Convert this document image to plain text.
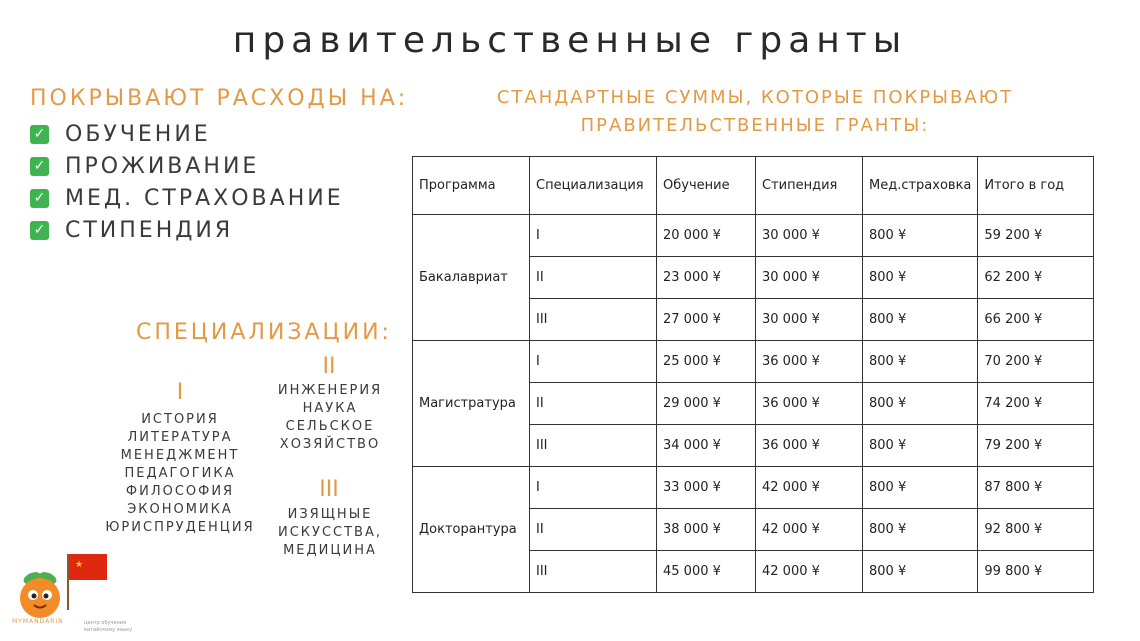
правительственные гранты
ПОКРЫВАЮТ РАСХОДЫ НА:
✓ ОБУЧЕНИЕ
✓ ПРОЖИВАНИЕ
✓ МЕД. СТРАХОВАНИЕ
✓ СТИПЕНДИЯ
СПЕЦИАЛИЗАЦИИ:
I
ИСТОРИЯ
ЛИТЕРАТУРА
МЕНЕДЖМЕНТ
ПЕДАГОГИКА
ФИЛОСОФИЯ
ЭКОНОМИКА
ЮРИСПРУДЕНЦИЯ
II
ИНЖЕНЕРИЯ
НАУКА
СЕЛЬСКОЕ
ХОЗЯЙСТВО
III
ИЗЯЩНЫЕ
ИСКУССТВА,
МЕДИЦИНА
СТАНДАРТНЫЕ СУММЫ, КОТОРЫЕ ПОКРЫВАЮТ
ПРАВИТЕЛЬСТВЕННЫЕ ГРАНТЫ:
Программа	Специализация	Обучение	Стипендия	Мед.страховка	Итого в год
Бакалавриат	I	20 000 ¥	30 000 ¥	800 ¥	59 200 ¥
	II	23 000 ¥	30 000 ¥	800 ¥	62 200 ¥
	III	27 000 ¥	30 000 ¥	800 ¥	66 200 ¥
Магистратура	I	25 000 ¥	36 000 ¥	800 ¥	70 200 ¥
	II	29 000 ¥	36 000 ¥	800 ¥	74 200 ¥
	III	34 000 ¥	36 000 ¥	800 ¥	79 200 ¥
Докторантура	I	33 000 ¥	42 000 ¥	800 ¥	87 800 ¥
	II	38 000 ¥	42 000 ¥	800 ¥	92 800 ¥
	III	45 000 ¥	42 000 ¥	800 ¥	99 800 ¥
★
MYMANDARIN	центр обучения
китайскому языку
